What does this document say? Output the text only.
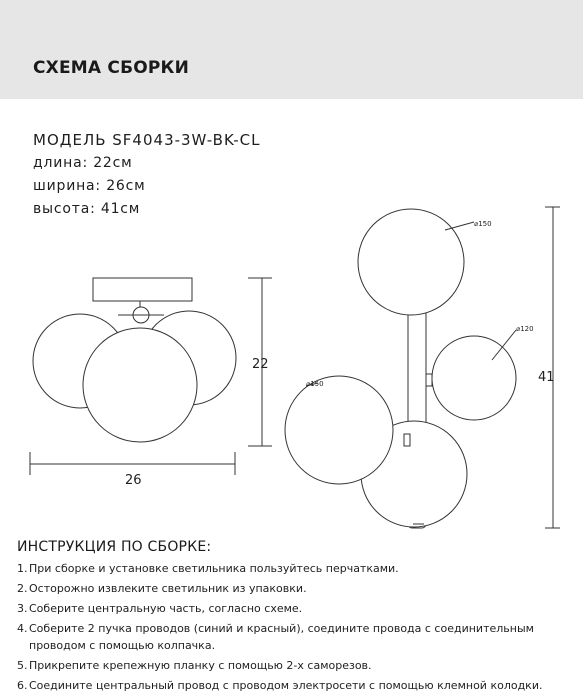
СХЕМА СБОРКИ
МОДЕЛЬ SF4043-3W-BK-CL
длина: 22см
ширина: 26см
высота: 41см
22
26
41
⌀150
⌀120
⌀150
ИНСТРУКЦИЯ ПО СБОРКЕ:
1. При сборке и установке светильника пользуйтесь перчатками.
2. Осторожно извлеките светильник из упаковки.
3. Соберите центральную часть, согласно схеме.
4. Соберите 2 пучка проводов (синий и красный), соедините провода с соединительным проводом с помощью колпачка.
5. Прикрепите крепежную планку с помощью 2-х саморезов.
6. Соедините центральный провод с проводом электросети с помощью клемной колодки.
